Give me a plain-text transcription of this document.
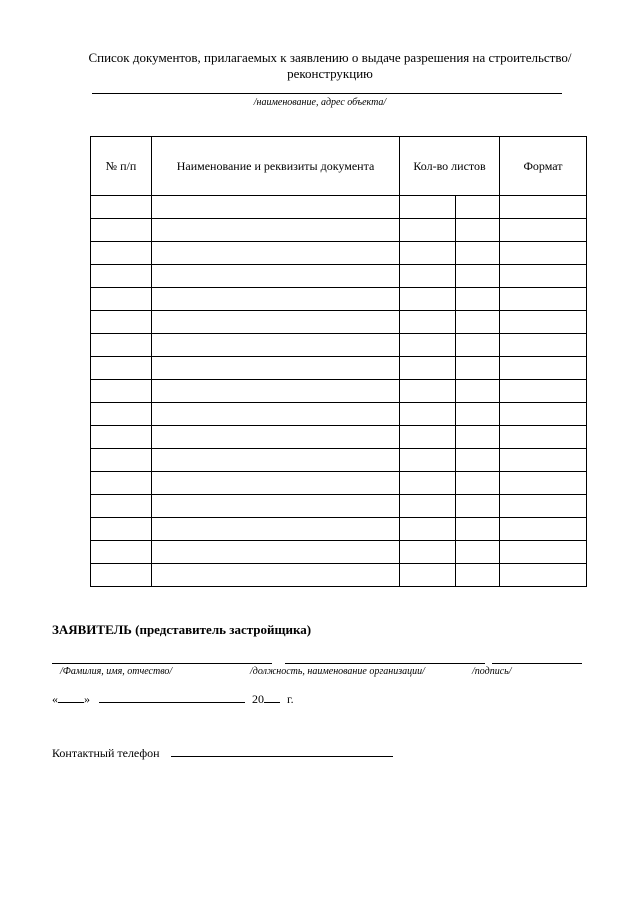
Список документов, прилагаемых к заявлению о выдаче разрешения на строительство/
реконструкцию
/наименование, адрес объекта/
№ п/п	Наименование и реквизиты документа	Кол-во листов		Формат

ЗАЯВИТЕЛЬ (представитель застройщика)
/Фамилия, имя, отчество/	/должность, наименование организации/	/подпись/
« »	20 г.
Контактный телефон
